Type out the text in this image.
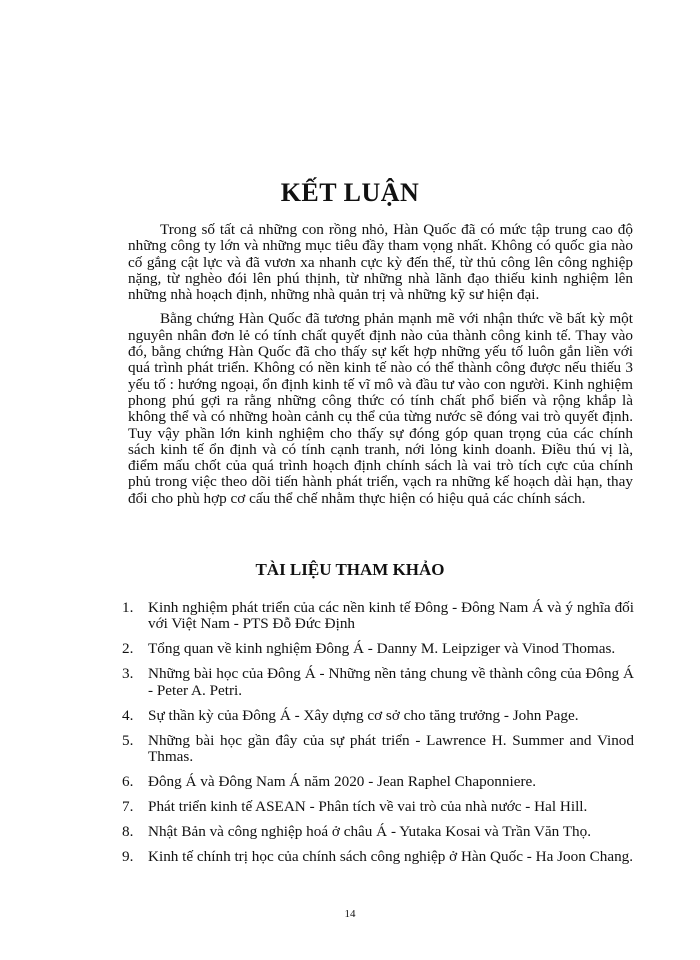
KẾT LUẬN

Trong số tất cả những con rồng nhỏ, Hàn Quốc đã có mức tập trung cao độ những công ty lớn và những mục tiêu đầy tham vọng nhất. Không có quốc gia nào cố gắng cật lực và đã vươn xa nhanh cực kỳ đến thế, từ thủ công lên công nghiệp nặng, từ nghèo đói lên phú thịnh, từ những nhà lãnh đạo thiếu kinh nghiệm lên những nhà hoạch định, những nhà quản trị và những kỹ sư hiện đại.

Bằng chứng Hàn Quốc đã tương phản mạnh mẽ với nhận thức về bất kỳ một nguyên nhân đơn lẻ có tính chất quyết định nào của thành công kinh tế. Thay vào đó, bằng chứng Hàn Quốc đã cho thấy sự kết hợp những yếu tố luôn gắn liền với quá trình phát triển. Không có nền kinh tế nào có thể thành công được nếu thiếu 3 yếu tố : hướng ngoại, ổn định kinh tế vĩ mô và đầu tư vào con người. Kinh nghiệm phong phú gợi ra rằng những công thức có tính chất phổ biến và rộng khắp là không thể và có những hoàn cảnh cụ thể của từng nước sẽ đóng vai trò quyết định. Tuy vậy phần lớn kinh nghiệm cho thấy sự đóng góp quan trọng của các chính sách kinh tế ổn định và có tính cạnh tranh, nới lỏng kinh doanh. Điều thú vị là, điểm mấu chốt của quá trình hoạch định chính sách là vai trò tích cực của chính phủ trong việc theo dõi tiến hành phát triển, vạch ra những kế hoạch dài hạn, thay đổi cho phù hợp cơ cấu thể chế nhằm thực hiện có hiệu quả các chính sách.

TÀI LIỆU THAM KHẢO
1. Kinh nghiệm phát triển của các nền kinh tế Đông - Đông Nam Á và ý nghĩa đối với Việt Nam - PTS Đỗ Đức Định
2. Tổng quan về kinh nghiệm Đông Á - Danny M. Leipziger và Vinod Thomas.
3. Những bài học của Đông Á - Những nền tảng chung về thành công của Đông Á - Peter A. Petri.
4. Sự thần kỳ của Đông Á - Xây dựng cơ sở cho tăng trưởng - John Page.
5. Những bài học gần đây của sự phát triển - Lawrence H. Summer and Vinod Thmas.
6. Đông Á và Đông Nam Á năm 2020 - Jean Raphel Chaponniere.
7. Phát triển kinh tế ASEAN - Phân tích về vai trò của nhà nước - Hal Hill.
8. Nhật Bản và công nghiệp hoá ở châu Á - Yutaka Kosai và Trần Văn Thọ.
9. Kinh tế chính trị học của chính sách công nghiệp ở Hàn Quốc - Ha Joon Chang.
14
